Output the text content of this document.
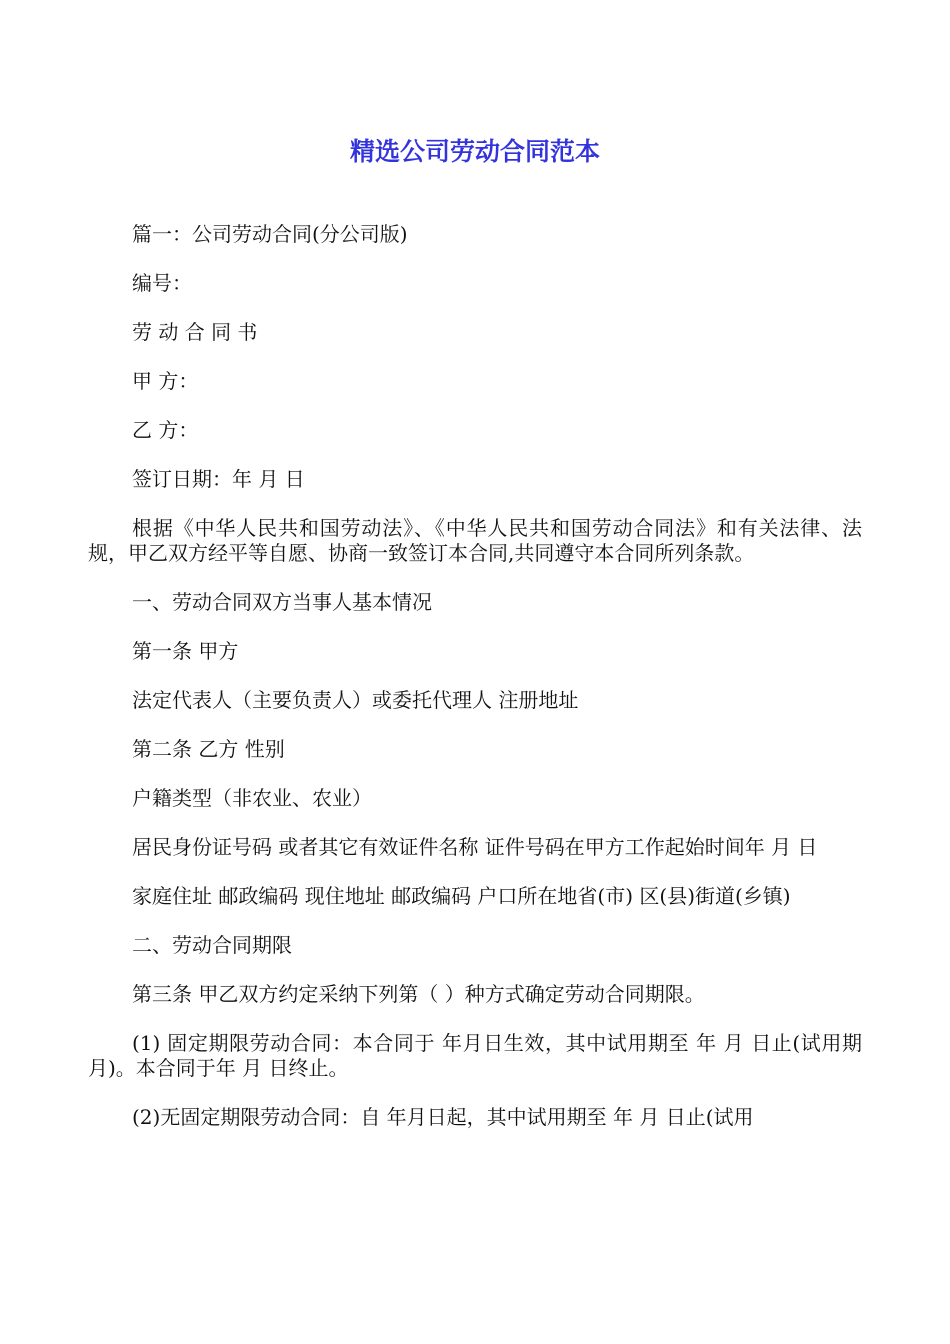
精选公司劳动合同范本

篇一：公司劳动合同(分公司版)

编号：

劳 动 合 同 书

甲 方：

乙 方：

签订日期：年 月 日

根据《中华人民共和国劳动法》、《中华人民共和国劳动合同法》和有关法律、法规，甲乙双方经平等自愿、协商一致签订本合同,共同遵守本合同所列条款。

一、劳动合同双方当事人基本情况

第一条 甲方

法定代表人（主要负责人）或委托代理人 注册地址

第二条 乙方 性别

户籍类型（非农业、农业）

居民身份证号码 或者其它有效证件名称 证件号码在甲方工作起始时间年 月 日

家庭住址 邮政编码 现住地址 邮政编码 户口所在地省(市) 区(县)街道(乡镇)

二、劳动合同期限

第三条 甲乙双方约定采纳下列第（ ）种方式确定劳动合同期限。

(1) 固定期限劳动合同：本合同于 年月日生效，其中试用期至 年 月 日止(试用期月)。本合同于年 月 日终止。

(2)无固定期限劳动合同：自 年月日起，其中试用期至 年 月 日止(试用
